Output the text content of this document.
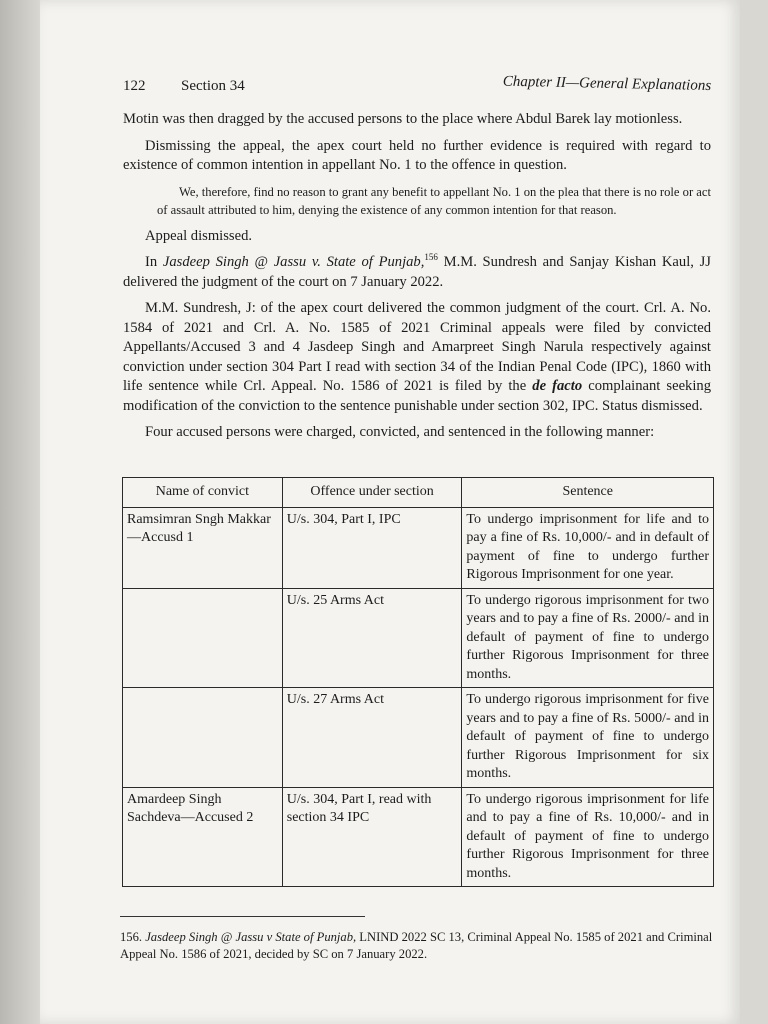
122 Section 34	Chapter II—General Explanations

Motin was then dragged by the accused persons to the place where Abdul Barek lay motionless.

Dismissing the appeal, the apex court held no further evidence is required with regard to existence of common intention in appellant No. 1 to the offence in question.

We, therefore, find no reason to grant any benefit to appellant No. 1 on the plea that there is no role or act of assault attributed to him, denying the existence of any common intention for that reason.

Appeal dismissed.

In Jasdeep Singh @ Jassu v. State of Punjab,$^{156}$ M.M. Sundresh and Sanjay Kishan Kaul, JJ delivered the judgment of the court on 7 January 2022.

M.M. Sundresh, J: of the apex court delivered the common judgment of the court. Crl. A. No. 1584 of 2021 and Crl. A. No. 1585 of 2021 Criminal appeals were filed by convicted Appellants/Accused 3 and 4 Jasdeep Singh and Amarpreet Singh Narula respectively against conviction under section 304 Part I read with section 34 of the Indian Penal Code (IPC), 1860 with life sentence while Crl. Appeal. No. 1586 of 2021 is filed by the de facto complainant seeking modification of the conviction to the sentence punishable under section 302, IPC. Status dismissed.

Four accused persons were charged, convicted, and sentenced in the following manner:

Name of convict	Offence under section	Sentence
Ramsimran Sngh Makkar—Accusd 1	U/s. 304, Part I, IPC	To undergo imprisonment for life and to pay a fine of Rs. 10,000/- and in default of payment of fine to undergo further Rigorous Imprisonment for one year.
	U/s. 25 Arms Act	To undergo rigorous imprisonment for two years and to pay a fine of Rs. 2000/- and in default of payment of fine to undergo further Rigorous Imprisonment for three months.
	U/s. 27 Arms Act	To undergo rigorous imprisonment for five years and to pay a fine of Rs. 5000/- and in default of payment of fine to undergo further Rigorous Imprisonment for six months.
Amardeep Singh Sachdeva—Accused 2	U/s. 304, Part I, read with section 34 IPC	To undergo rigorous imprisonment for life and to pay a fine of Rs. 10,000/- and in default of payment of fine to undergo further Rigorous Imprisonment for three months.
156. Jasdeep Singh @ Jassu v State of Punjab, LNIND 2022 SC 13, Criminal Appeal No. 1585 of 2021 and Criminal Appeal No. 1586 of 2021, decided by SC on 7 January 2022.
